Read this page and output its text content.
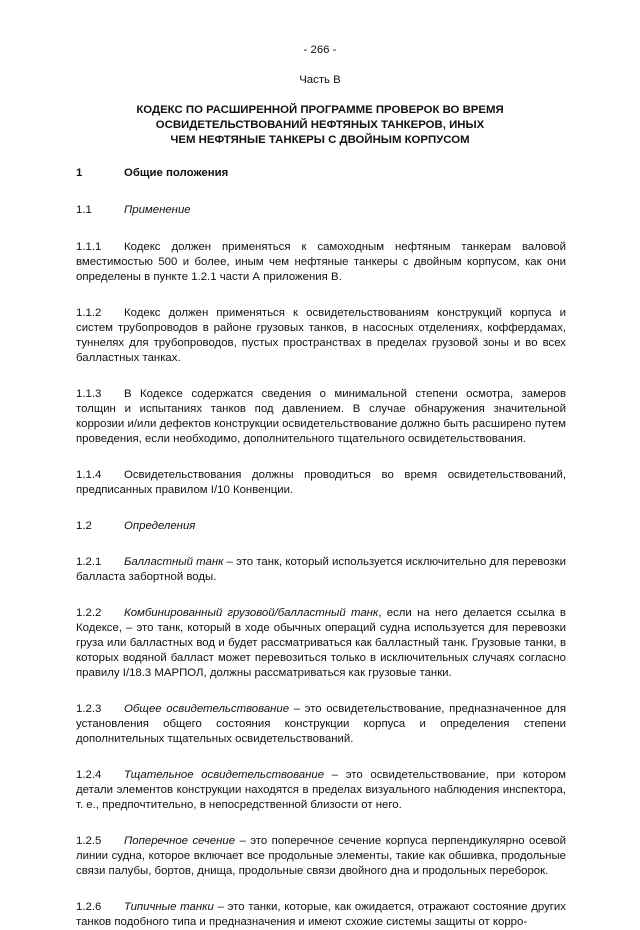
- 266 -
Часть В
КОДЕКС ПО РАСШИРЕННОЙ ПРОГРАММЕ ПРОВЕРОК ВО ВРЕМЯ
ОСВИДЕТЕЛЬСТВОВАНИЙ НЕФТЯНЫХ ТАНКЕРОВ, ИНЫХ
ЧЕМ НЕФТЯНЫЕ ТАНКЕРЫ С ДВОЙНЫМ КОРПУСОМ
1	Общие положения
1.1	Применение

1.1.1 Кодекс должен применяться к самоходным нефтяным танкерам валовой вместимостью 500 и более, иным чем нефтяные танкеры с двойным корпусом, как они определены в пункте 1.2.1 части А приложения В.

1.1.2 Кодекс должен применяться к освидетельствованиям конструкций корпуса и систем трубопроводов в районе грузовых танков, в насосных отделениях, коффердамах, туннелях для трубопроводов, пустых пространствах в пределах грузовой зоны и во всех балластных танках.

1.1.3 В Кодексе содержатся сведения о минимальной степени осмотра, замеров толщин и испытаниях танков под давлением. В случае обнаружения значительной коррозии и/или дефектов конструкции освидетельствование должно быть расширено путем проведения, если необходимо, дополнительного тщательного освидетельствования.

1.1.4 Освидетельствования должны проводиться во время освидетельствований, предписанных правилом I/10 Конвенции.

1.2	Определения

1.2.1 Балластный танк – это танк, который используется исключительно для перевозки балласта забортной воды.

1.2.2 Комбинированный грузовой/балластный танк, если на него делается ссылка в Кодексе, – это танк, который в ходе обычных операций судна используется для перевозки груза или балластных вод и будет рассматриваться как балластный танк. Грузовые танки, в которых водяной балласт может перевозиться только в исключительных случаях согласно правилу I/18.3 МАРПОЛ, должны рассматриваться как грузовые танки.

1.2.3 Общее освидетельствование – это освидетельствование, предназначенное для установления общего состояния конструкции корпуса и определения степени дополнительных тщательных освидетельствований.

1.2.4 Тщательное освидетельствование – это освидетельствование, при котором детали элементов конструкции находятся в пределах визуального наблюдения инспектора, т. е., предпочтительно, в непосредственной близости от него.

1.2.5 Поперечное сечение – это поперечное сечение корпуса перпендикулярно осевой линии судна, которое включает все продольные элементы, такие как обшивка, продольные связи палубы, бортов, днища, продольные связи двойного дна и продольных переборок.

1.2.6 Типичные танки – это танки, которые, как ожидается, отражают состояние других танков подобного типа и предназначения и имеют схожие системы защиты от корро-
